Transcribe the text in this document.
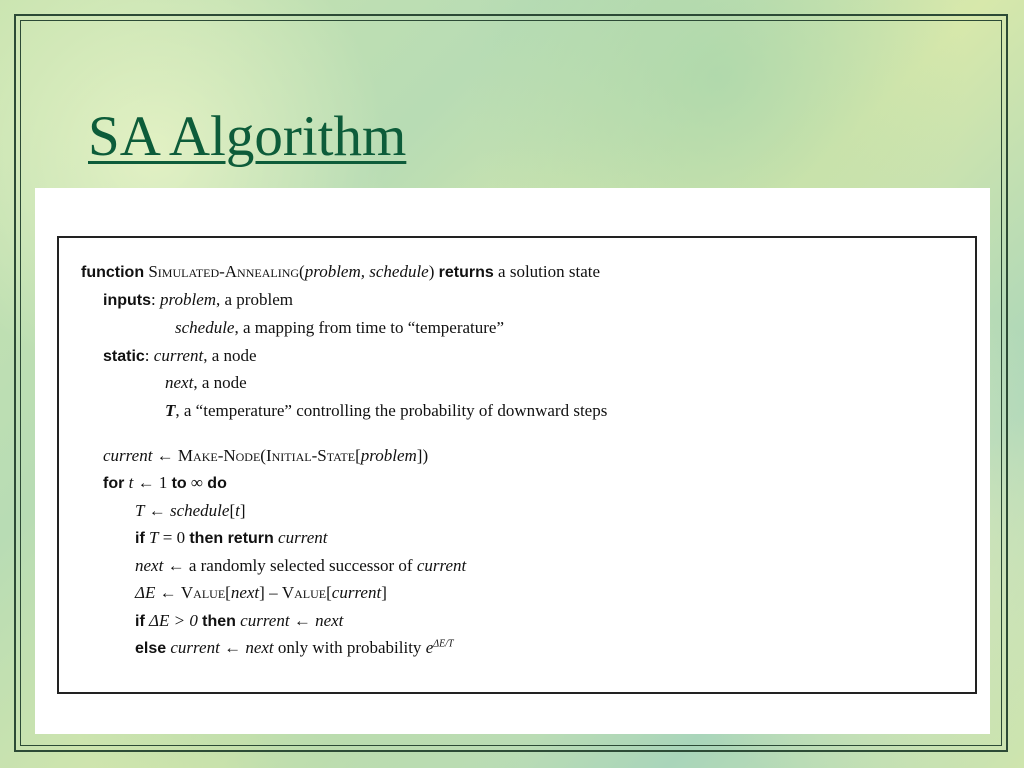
SA Algorithm
function Simulated-Annealing(problem, schedule) returns a solution state
inputs: problem, a problem
schedule, a mapping from time to “temperature”
static: current, a node
next, a node
T, a “temperature” controlling the probability of downward steps
current ← Make-Node(Initial-State[problem])
for t ← 1 to ∞ do
T ← schedule[t]
if T = 0 then return current
next ← a randomly selected successor of current
ΔE ← Value[next] – Value[current]
if ΔE > 0 then current ← next
else current ← next only with probability $e^{\Delta E/T}$
